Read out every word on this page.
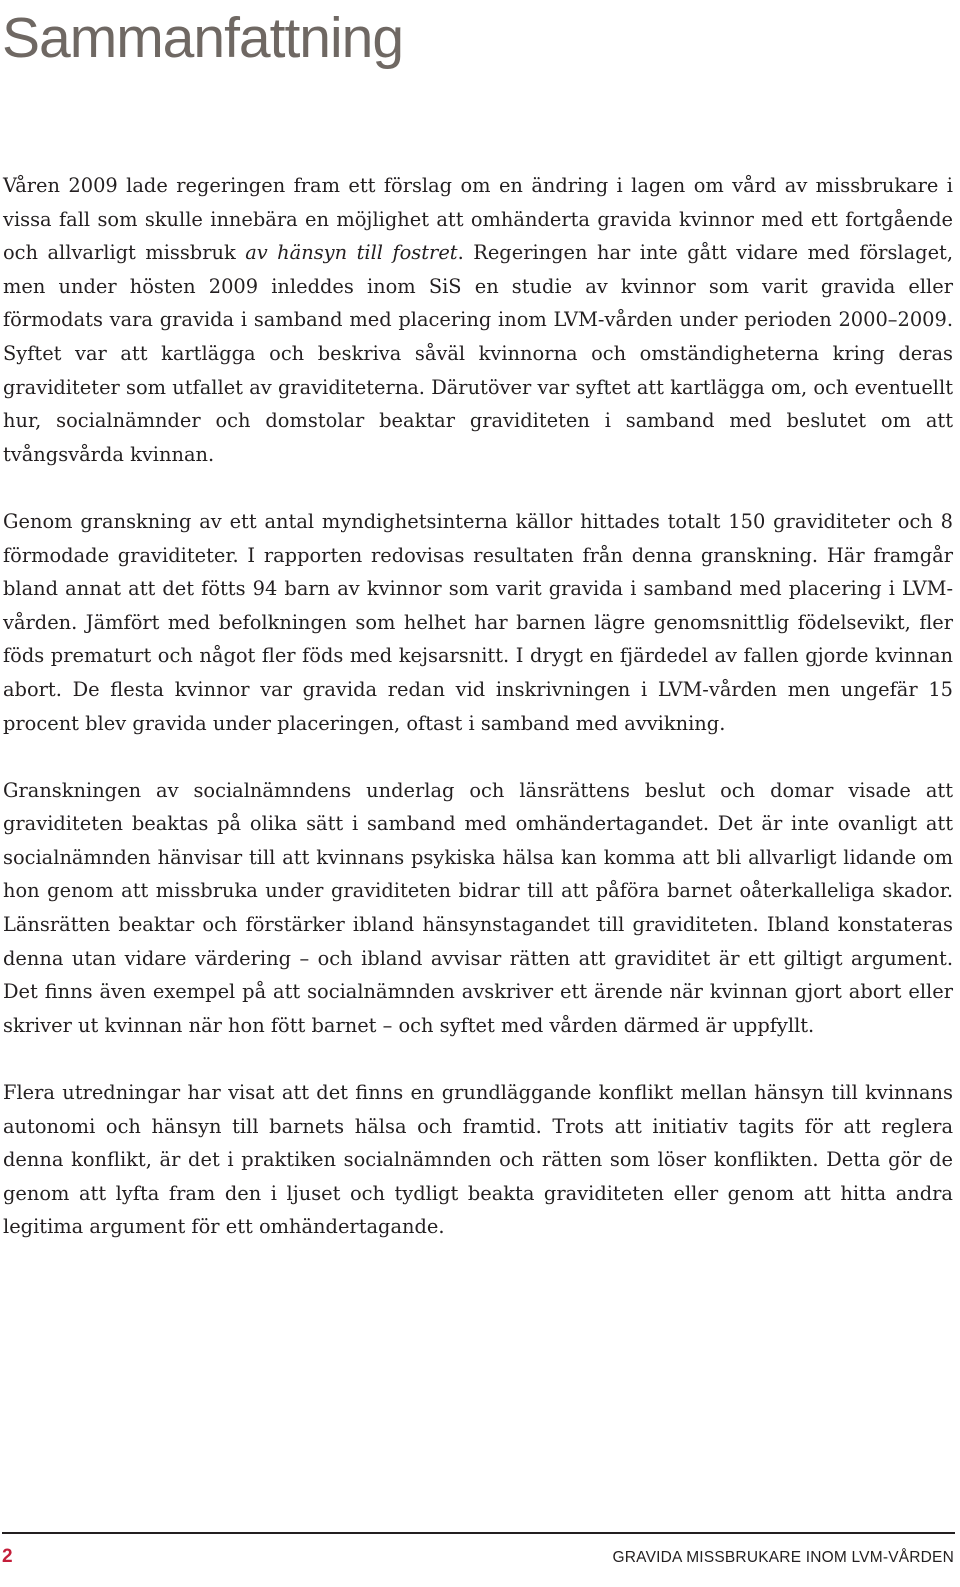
Sammanfattning

Våren 2009 lade regeringen fram ett förslag om en ändring i lagen om vård av missbrukare i vissa fall som skulle innebära en möjlighet att omhänderta gravida kvinnor med ett fortgående och allvarligt missbruk av hänsyn till fostret. Regeringen har inte gått vidare med förslaget, men under hösten 2009 inleddes inom SiS en studie av kvinnor som varit gravida eller förmodats vara gravida i samband med placering inom LVM-vården under perioden 2000–2009. Syftet var att kartlägga och beskriva såväl kvinnorna och omständigheterna kring deras graviditeter som utfallet av graviditeterna. Därutöver var syftet att kartlägga om, och eventuellt hur, socialnämnder och domstolar beaktar graviditeten i samband med beslutet om att tvångsvårda kvinnan.

Genom granskning av ett antal myndighetsinterna källor hittades totalt 150 graviditeter och 8 förmodade graviditeter. I rapporten redovisas resultaten från denna granskning. Här framgår bland annat att det fötts 94 barn av kvinnor som varit gravida i samband med placering i LVM-vården. Jämfört med befolkningen som helhet har barnen lägre genomsnittlig födelsevikt, fler föds prematurt och något fler föds med kejsarsnitt. I drygt en fjärdedel av fallen gjorde kvinnan abort. De flesta kvinnor var gravida redan vid inskrivningen i LVM-vården men ungefär 15 procent blev gravida under placeringen, oftast i samband med avvikning.

Granskningen av socialnämndens underlag och länsrättens beslut och domar visade att graviditeten beaktas på olika sätt i samband med omhändertagandet. Det är inte ovanligt att socialnämnden hänvisar till att kvinnans psykiska hälsa kan komma att bli allvarligt lidande om hon genom att missbruka under graviditeten bidrar till att påföra barnet oåterkalleliga skador. Länsrätten beaktar och förstärker ibland hänsynstagandet till graviditeten. Ibland konstateras denna utan vidare värdering – och ibland avvisar rätten att graviditet är ett giltigt argument. Det finns även exempel på att socialnämnden avskriver ett ärende när kvinnan gjort abort eller skriver ut kvinnan när hon fött barnet – och syftet med vården därmed är uppfyllt.

Flera utredningar har visat att det finns en grundläggande konflikt mellan hänsyn till kvinnans autonomi och hänsyn till barnets hälsa och framtid. Trots att initiativ tagits för att reglera denna konflikt, är det i praktiken socialnämnden och rätten som löser konflikten. Detta gör de genom att lyfta fram den i ljuset och tydligt beakta graviditeten eller genom att hitta andra legitima argument för ett omhändertagande.

2	GRAVIDA MISSBRUKARE INOM LVM-VÅRDEN
